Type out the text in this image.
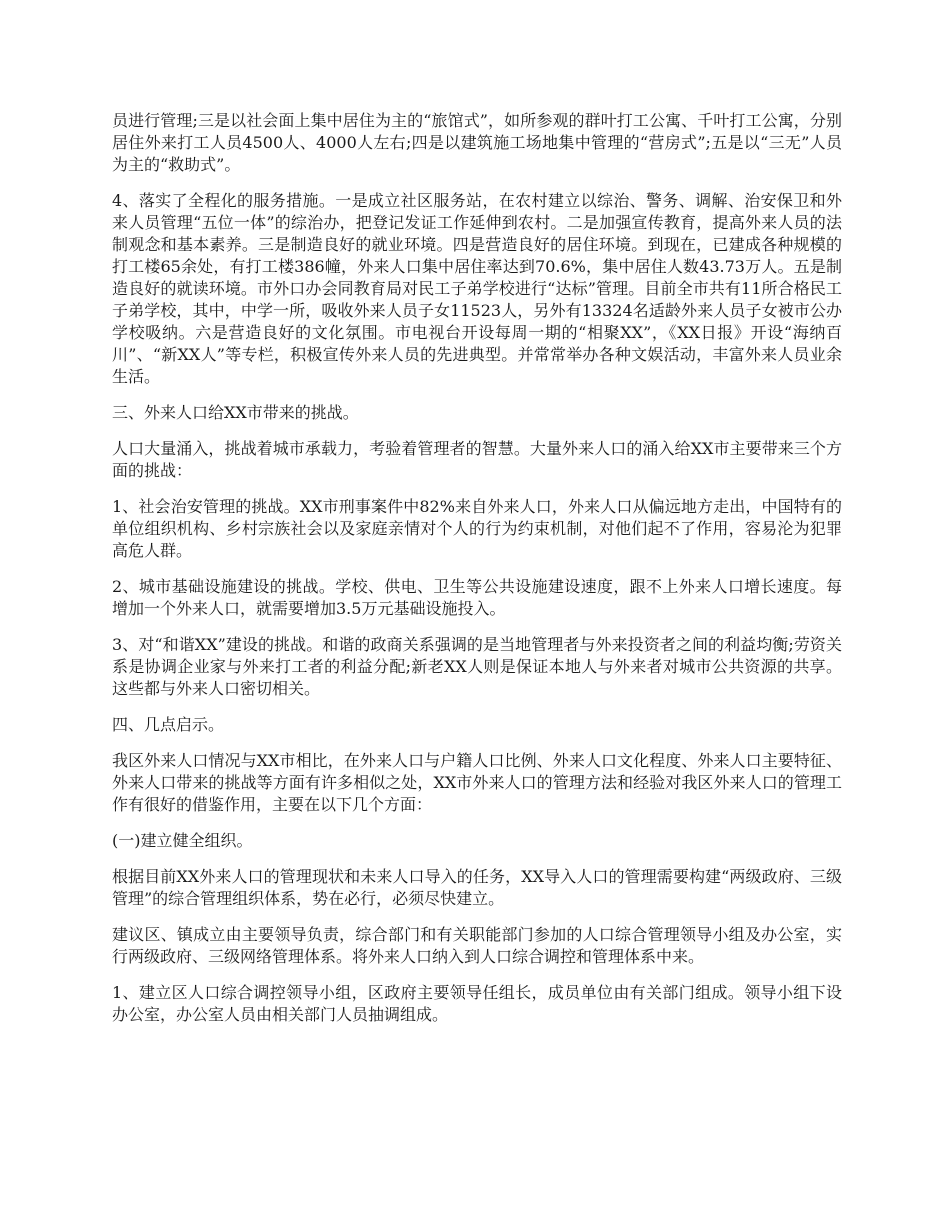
员进行管理;三是以社会面上集中居住为主的“旅馆式”，如所参观的群叶打工公寓、千叶打工公寓，分别居住外来打工人员4500人、4000人左右;四是以建筑施工场地集中管理的“营房式”;五是以“三无”人员为主的“救助式”。

4、落实了全程化的服务措施。一是成立社区服务站，在农村建立以综治、警务、调解、治安保卫和外来人员管理“五位一体”的综治办，把登记发证工作延伸到农村。二是加强宣传教育，提高外来人员的法制观念和基本素养。三是制造良好的就业环境。四是营造良好的居住环境。到现在，已建成各种规模的打工楼65余处，有打工楼386幢，外来人口集中居住率达到70.6%，集中居住人数43.73万人。五是制造良好的就读环境。市外口办会同教育局对民工子弟学校进行“达标”管理。目前全市共有11所合格民工子弟学校，其中，中学一所，吸收外来人员子女11523人，另外有13324名适龄外来人员子女被市公办学校吸纳。六是营造良好的文化氛围。市电视台开设每周一期的“相聚XX”，《XX日报》开设“海纳百川”、“新XX人”等专栏，积极宣传外来人员的先进典型。并常常举办各种文娱活动，丰富外来人员业余生活。

三、外来人口给XX市带来的挑战。

人口大量涌入，挑战着城市承载力，考验着管理者的智慧。大量外来人口的涌入给XX市主要带来三个方面的挑战：

1、社会治安管理的挑战。XX市刑事案件中82%来自外来人口，外来人口从偏远地方走出，中国特有的单位组织机构、乡村宗族社会以及家庭亲情对个人的行为约束机制，对他们起不了作用，容易沦为犯罪高危人群。

2、城市基础设施建设的挑战。学校、供电、卫生等公共设施建设速度，跟不上外来人口增长速度。每增加一个外来人口，就需要增加3.5万元基础设施投入。

3、对“和谐XX”建设的挑战。和谐的政商关系强调的是当地管理者与外来投资者之间的利益均衡;劳资关系是协调企业家与外来打工者的利益分配;新老XX人则是保证本地人与外来者对城市公共资源的共享。这些都与外来人口密切相关。

四、几点启示。

我区外来人口情况与XX市相比，在外来人口与户籍人口比例、外来人口文化程度、外来人口主要特征、外来人口带来的挑战等方面有许多相似之处，XX市外来人口的管理方法和经验对我区外来人口的管理工作有很好的借鉴作用，主要在以下几个方面：

(一)建立健全组织。

根据目前XX外来人口的管理现状和未来人口导入的任务，XX导入人口的管理需要构建“两级政府、三级管理”的综合管理组织体系，势在必行，必须尽快建立。

建议区、镇成立由主要领导负责，综合部门和有关职能部门参加的人口综合管理领导小组及办公室，实行两级政府、三级网络管理体系。将外来人口纳入到人口综合调控和管理体系中来。

1、建立区人口综合调控领导小组，区政府主要领导任组长，成员单位由有关部门组成。领导小组下设办公室，办公室人员由相关部门人员抽调组成。
